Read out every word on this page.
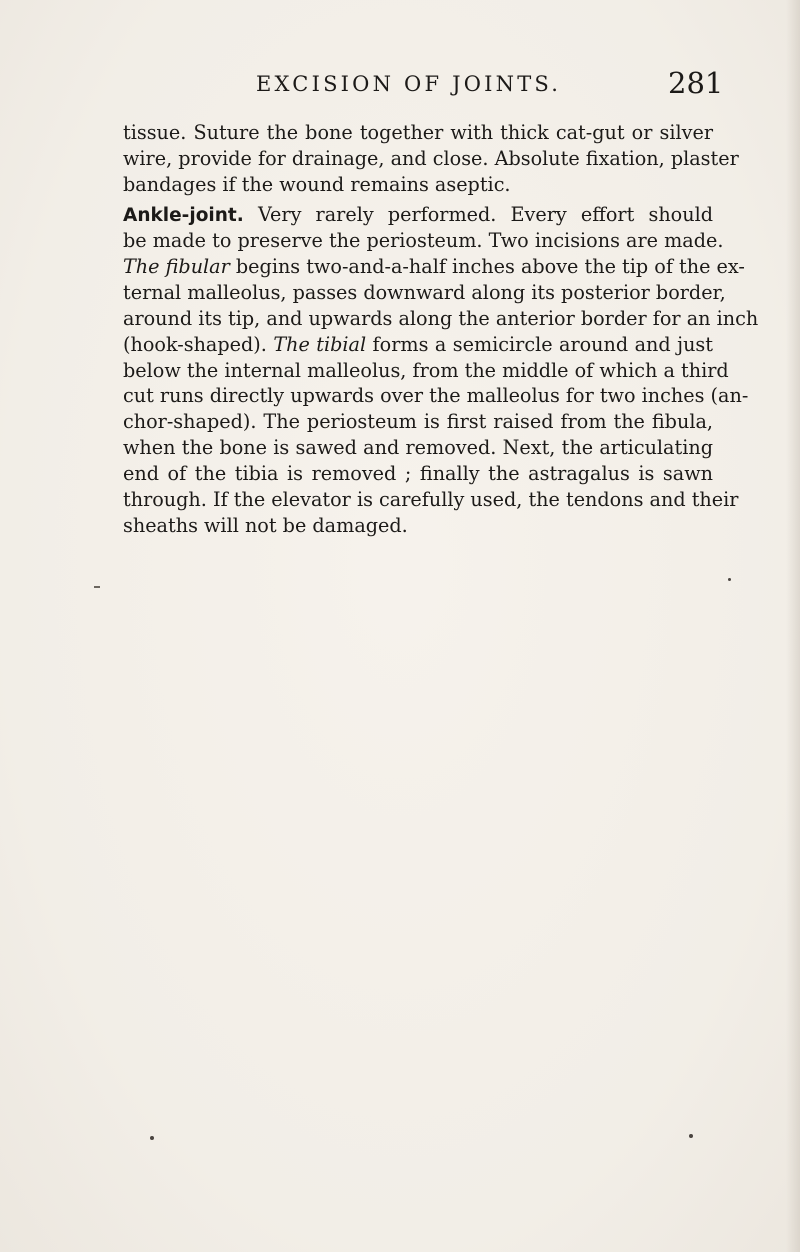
EXCISION OF JOINTS.	281
tissue. Suture the bone together with thick cat-gut or silver
wire, provide for drainage, and close. Absolute fixation, plaster
bandages if the wound remains aseptic.
Ankle-joint. Very rarely performed. Every effort should
be made to preserve the periosteum. Two incisions are made.
The fibular begins two-and-a-half inches above the tip of the ex-
ternal malleolus, passes downward along its posterior border,
around its tip, and upwards along the anterior border for an inch
(hook-shaped). The tibial forms a semicircle around and just
below the internal malleolus, from the middle of which a third
cut runs directly upwards over the malleolus for two inches (an-
chor-shaped). The periosteum is first raised from the fibula,
when the bone is sawed and removed. Next, the articulating
end of the tibia is removed ; finally the astragalus is sawn
through. If the elevator is carefully used, the tendons and their
sheaths will not be damaged.
